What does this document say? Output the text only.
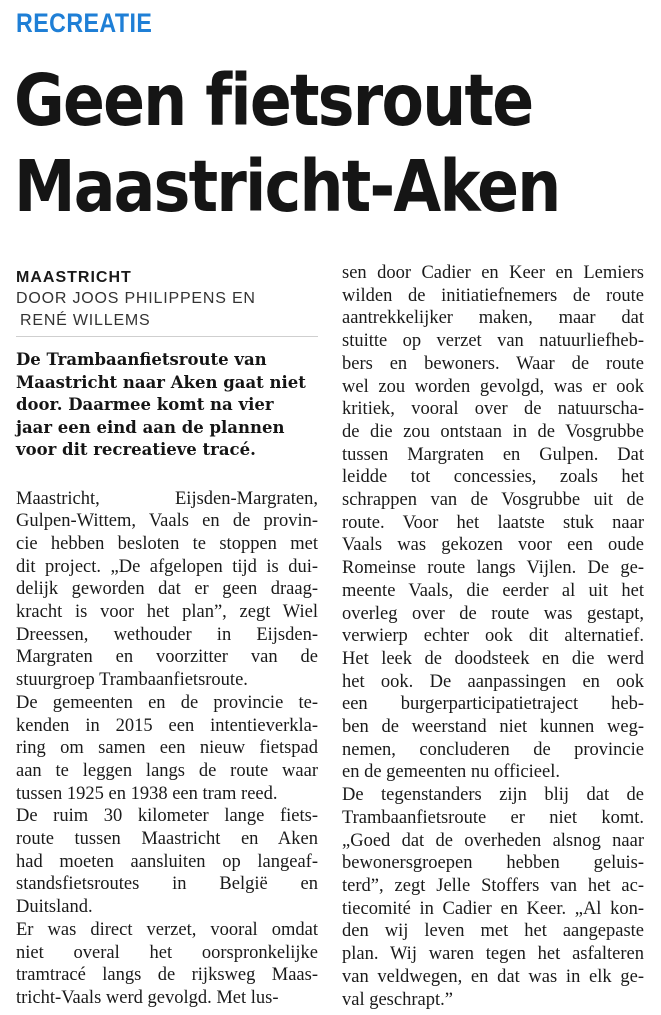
RECREATIE
Geen fietsroute
Maastricht-Aken
MAASTRICHT
DOOR JOOS PHILIPPENS EN
RENÉ WILLEMS
De Trambaanfietsroute van
Maastricht naar Aken gaat niet
door. Daarmee komt na vier
jaar een eind aan de plannen
voor dit recreatieve tracé.
Maastricht, Eijsden-Margraten,
Gulpen-Wittem, Vaals en de provin-
cie hebben besloten te stoppen met
dit project. „De afgelopen tijd is dui-
delijk geworden dat er geen draag-
kracht is voor het plan”, zegt Wiel
Dreessen, wethouder in Eijsden-
Margraten en voorzitter van de
stuurgroep Trambaanfietsroute.
De gemeenten en de provincie te-
kenden in 2015 een intentieverkla-
ring om samen een nieuw fietspad
aan te leggen langs de route waar
tussen 1925 en 1938 een tram reed.
De ruim 30 kilometer lange fiets-
route tussen Maastricht en Aken
had moeten aansluiten op langeaf-
standsfietsroutes in België en
Duitsland.
Er was direct verzet, vooral omdat
niet overal het oorspronkelijke
tramtracé langs de rijksweg Maas-
tricht-Vaals werd gevolgd. Met lus-
sen door Cadier en Keer en Lemiers
wilden de initiatiefnemers de route
aantrekkelijker maken, maar dat
stuitte op verzet van natuurliefheb-
bers en bewoners. Waar de route
wel zou worden gevolgd, was er ook
kritiek, vooral over de natuurscha-
de die zou ontstaan in de Vosgrubbe
tussen Margraten en Gulpen. Dat
leidde tot concessies, zoals het
schrappen van de Vosgrubbe uit de
route. Voor het laatste stuk naar
Vaals was gekozen voor een oude
Romeinse route langs Vijlen. De ge-
meente Vaals, die eerder al uit het
overleg over de route was gestapt,
verwierp echter ook dit alternatief.
Het leek de doodsteek en die werd
het ook. De aanpassingen en ook
een burgerparticipatietraject heb-
ben de weerstand niet kunnen weg-
nemen, concluderen de provincie
en de gemeenten nu officieel.
De tegenstanders zijn blij dat de
Trambaanfietsroute er niet komt.
„Goed dat de overheden alsnog naar
bewonersgroepen hebben geluis-
terd”, zegt Jelle Stoffers van het ac-
tiecomité in Cadier en Keer. „Al kon-
den wij leven met het aangepaste
plan. Wij waren tegen het asfalteren
van veldwegen, en dat was in elk ge-
val geschrapt.”
